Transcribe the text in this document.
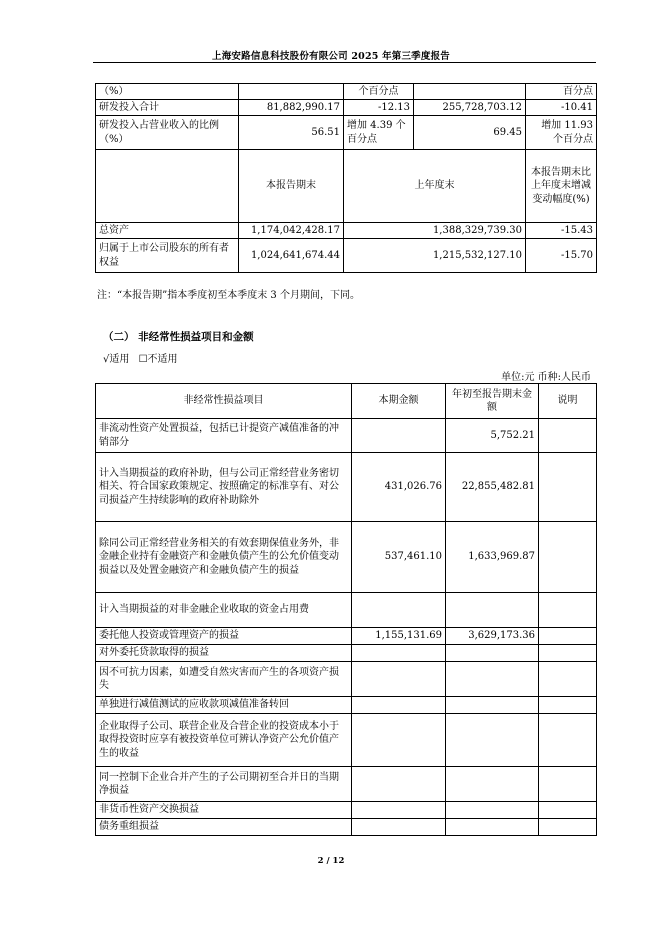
上海安路信息科技股份有限公司 2025 年第三季度报告
（%）		个百分点		百分点
研发投入合计	81,882,990.17	-12.13	255,728,703.12	-10.41
研发投入占营业收入的比例（%）	56.51	增加 4.39 个百分点	69.45	增加 11.93 个百分点
	本报告期末	上年度末		本报告期末比上年度末增减变动幅度(%)
总资产	1,174,042,428.17	1,388,329,739.30		-15.43
归属于上市公司股东的所有者权益	1,024,641,674.44	1,215,532,127.10		-15.70
注：“本报告期”指本季度初至本季度末 3 个月期间，下同。
（二） 非经常性损益项目和金额
√适用 ☐不适用
单位:元 币种:人民币
非经常性损益项目	本期金额	年初至报告期末金额	说明
非流动性资产处置损益，包括已计提资产减值准备的冲销部分		5,752.21	
计入当期损益的政府补助，但与公司正常经营业务密切相关、符合国家政策规定、按照确定的标准享有、对公司损益产生持续影响的政府补助除外	431,026.76	22,855,482.81	
除同公司正常经营业务相关的有效套期保值业务外，非金融企业持有金融资产和金融负债产生的公允价值变动损益以及处置金融资产和金融负债产生的损益	537,461.10	1,633,969.87	
计入当期损益的对非金融企业收取的资金占用费			
委托他人投资或管理资产的损益	1,155,131.69	3,629,173.36	
对外委托贷款取得的损益			
因不可抗力因素，如遭受自然灾害而产生的各项资产损失			
单独进行减值测试的应收款项减值准备转回			
企业取得子公司、联营企业及合营企业的投资成本小于取得投资时应享有被投资单位可辨认净资产公允价值产生的收益			
同一控制下企业合并产生的子公司期初至合并日的当期净损益			
非货币性资产交换损益			
债务重组损益			
2 / 12
